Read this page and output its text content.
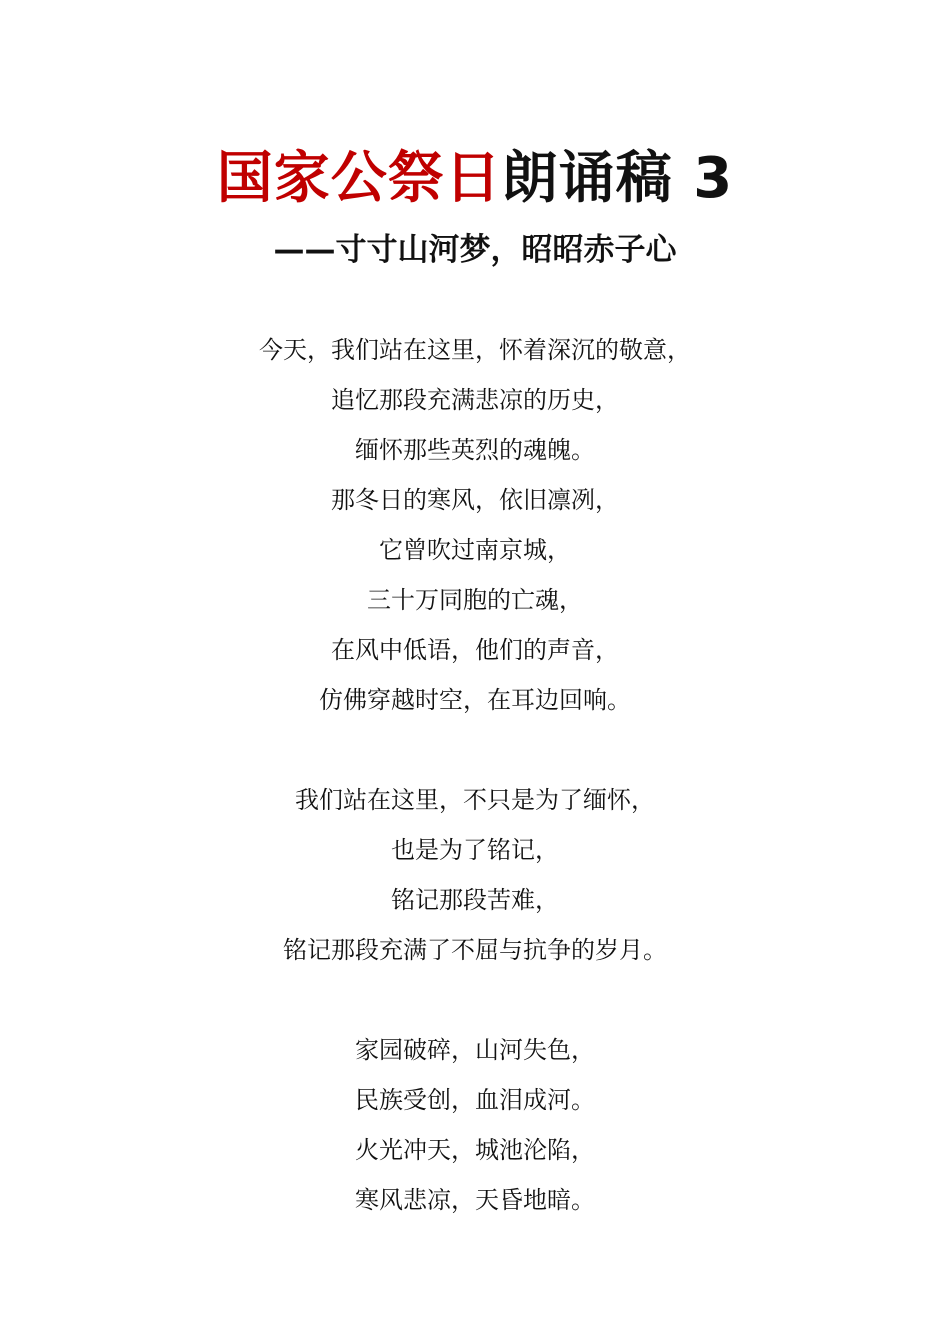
国家公祭日朗诵稿 3
——寸寸山河梦，昭昭赤子心
今天，我们站在这里，怀着深沉的敬意，
追忆那段充满悲凉的历史，
缅怀那些英烈的魂魄。
那冬日的寒风，依旧凛冽，
它曾吹过南京城，
三十万同胞的亡魂，
在风中低语，他们的声音，
仿佛穿越时空，在耳边回响。
我们站在这里，不只是为了缅怀，
也是为了铭记，
铭记那段苦难，
铭记那段充满了不屈与抗争的岁月。
家园破碎，山河失色，
民族受创，血泪成河。
火光冲天，城池沦陷，
寒风悲凉，天昏地暗。
